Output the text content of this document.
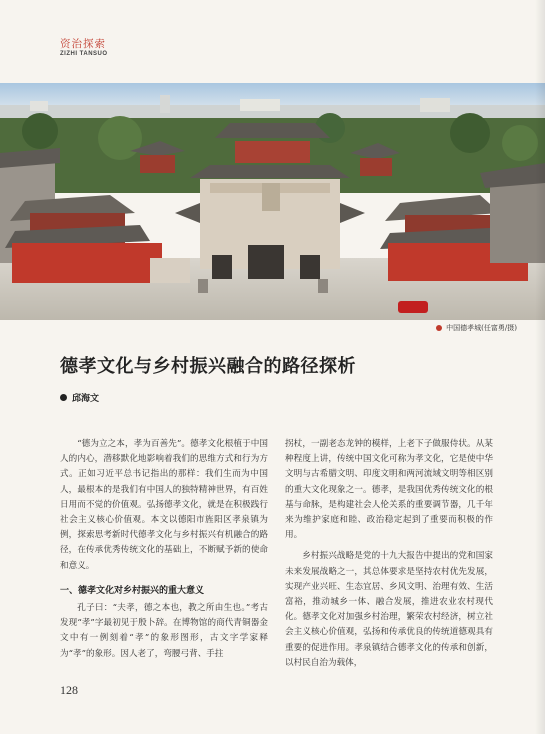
资治探索
ZIZHI TANSUO
中国德孝城(任富勇/摄)
德孝文化与乡村振兴融合的路径探析
邱海文

“德为立之本，孝为百善先”。德孝文化根植于中国人的内心，潜移默化地影响着我们的思维方式和行为方式。正如习近平总书记指出的那样：我们生而为中国人，最根本的是我们有中国人的独特精神世界，有百姓日用而不觉的价值观。弘扬德孝文化，就是在积极践行社会主义核心价值观。本文以德阳市旌阳区孝泉镇为例，探索思考新时代德孝文化与乡村振兴有机融合的路径，在传承优秀传统文化的基础上，不断赋予新的使命和意义。

一、德孝文化对乡村振兴的重大意义

孔子曰：“夫孝，德之本也，教之所由生也。”考古发现“孝”字最初见于殷卜辞。在博物馆的商代青铜器金文中有一例刻着“孝”的象形图形，古文字学家释为“孝”的象形。因人老了，弯腰弓背、手拄

拐杖，一副老态龙钟的模样，上老下子做服侍状。从某种程度上讲，传统中国文化可称为孝文化，它是使中华文明与古希腊文明、印度文明和两河流域文明等相区别的重大文化现象之一。德孝，是我国优秀传统文化的根基与命脉，是构建社会人伦关系的重要调节器，几千年来为维护家庭和睦、政治稳定起到了重要而积极的作用。

乡村振兴战略是党的十九大报告中提出的党和国家未来发展战略之一，其总体要求是坚持农村优先发展，实现产业兴旺、生态宜居、乡风文明、治理有效、生活富裕，推动城乡一体、融合发展，推进农业农村现代化。德孝文化对加强乡村治理，繁荣农村经济，树立社会主义核心价值观，弘扬和传承优良的传统道德观具有重要的促进作用。孝泉镇结合德孝文化的传承和创新，以村民自治为载体，

128
